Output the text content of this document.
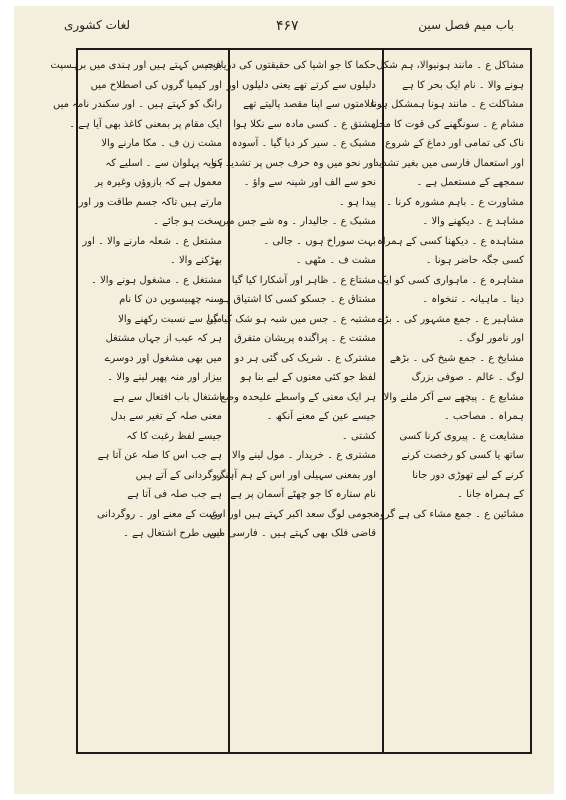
لغات کشوری	۴۶۷	باب میم فصل سین
مشاکل ع ۔ مانند ہونیوالا، ہم شکل
ہونے والا ۔ نام ایک بحر کا ہے
مشاکلت ع ۔ مانند ہونا ہمشکل ہونا
مشام ع ۔ سونگھنے کی قوت کا محل
ناک کی تمامی اور دماغ کے شروع
اور استعمال فارسی میں بغیر تشدید
سمجھے کے مستعمل ہے ۔
مشاورت ع ۔ باہم مشورہ کرنا ۔
مشاہد ع ۔ دیکھنے والا ۔
مشاہدہ ع ۔ دیکھنا کسی کے ہمراہ
کسی جگہ حاضر ہونا ۔
مشاہرہ ع ۔ ماہواری کسی کو ایک
دینا ۔ ماہیانہ ۔ تنخواہ ۔
مشاہیر ع ۔ جمع مشہور کی ۔ بڑے
اور نامور لوگ ۔
مشایخ ع ۔ جمع شیخ کی ۔ بڑھے
لوگ ۔ عالم ۔ صوفی بزرگ
مشایع ع ۔ پیچھے سے آکر ملنے والا
ہمراہ ۔ مصاحب ۔
مشایعت ع ۔ پیروی کرنا کسی
ساتھ یا کسی کو رخصت کرنے
کرنے کے لیے تھوڑی دور جانا
کے ہمراہ جانا ۔
مشائین ع ۔ جمع مشاء کی ہے گروہ
حکما کا جو اشیا کی حقیقتوں کی دریافت
دلیلوں سے کرتے تھے یعنی دلیلوں اور
علامتوں سے اپنا مقصد پالیتے تھے
مشتق ع ۔ کسی مادہ سے نکلا ہوا
مشبک ع ۔ سیر کر دیا گیا ۔ آسودہ
اور نحو میں وہ حرف جس پر تشدید ہو
نحو سے الف اور شینہ سے واؤ ۔
پیدا ہو ۔
مشبک ع ۔ جالیدار ۔ وہ شے جس میں
بہت سوراخ ہوں ۔ جالی ۔
مشت ف ۔ مٹھی ۔
مشتاع ع ۔ ظاہر اور آشکارا کیا گیا
مشتاق ع ۔ جسکو کسی کا اشتیاق ہو
مشتبہ ع ۔ جس میں شبہ ہو شک کیا گیا
مشتت ع ۔ پراگندہ پریشان متفرق
مشترک ع ۔ شریک کی گئی ہر دو
لفظ جو کئی معنوں کے لیے بنا ہو
ہر ایک معنی کے واسطے علیحدہ وضع
جیسے عین کے معنے آنکھ ۔
کشتی ۔
مشتری ع ۔ خریدار ۔ مول لینے والا
اور بمعنی سہیلی اور اس کے ہم آہنگ
نام ستارہ کا جو چھٹے آسمان پر ہے
نجومی لوگ سعد اکبر کہتے ہیں اور اس
قاضی فلک بھی کہتے ہیں ۔ فارسی میں
برجیس کہتے ہیں اور ہندی میں برہسپت
اور کیمیا گروں کی اصطلاح میں
رانگ کو کہتے ہیں ۔ اور سکندر نامہ میں
ایک مقام پر بمعنی کاغذ بھی آیا ہے ۔
مشت زن ف ۔ مکا مارنے والا
کنایہ پہلوان سے ۔ اسلیے کہ
معمول ہے کہ بازوؤں وغیرہ پر
مارتے ہیں تاکہ جسم طاقت ور اور
سخت ہو جائے ۔
مشتعل ع ۔ شعلہ مارنے والا ۔ اور
بھڑکنے والا ۔
مشتغل ع ۔ مشغول ہونے والا ۔
سنہ چھبیسویں دن کا نام
مین سے نسبت رکھنے والا
ہر کہ عیب از جہاں مشتغل
میں بھی مشغول اور دوسرے
بیزار اور منہ پھیر لینے والا ۔
اشتغال باب افتعال سے ہے
معنی صلہ کے تغیر سے بدل
جیسے لفظ رغبت کا کہ
ہے جب اس کا صلہ عن آتا ہے
روگردانی کے آتے ہیں
ہے جب صلہ فی آتا ہے
رغبت کے معنے اور ۔ روگردانی
اسی طرح اشتغال ہے ۔
